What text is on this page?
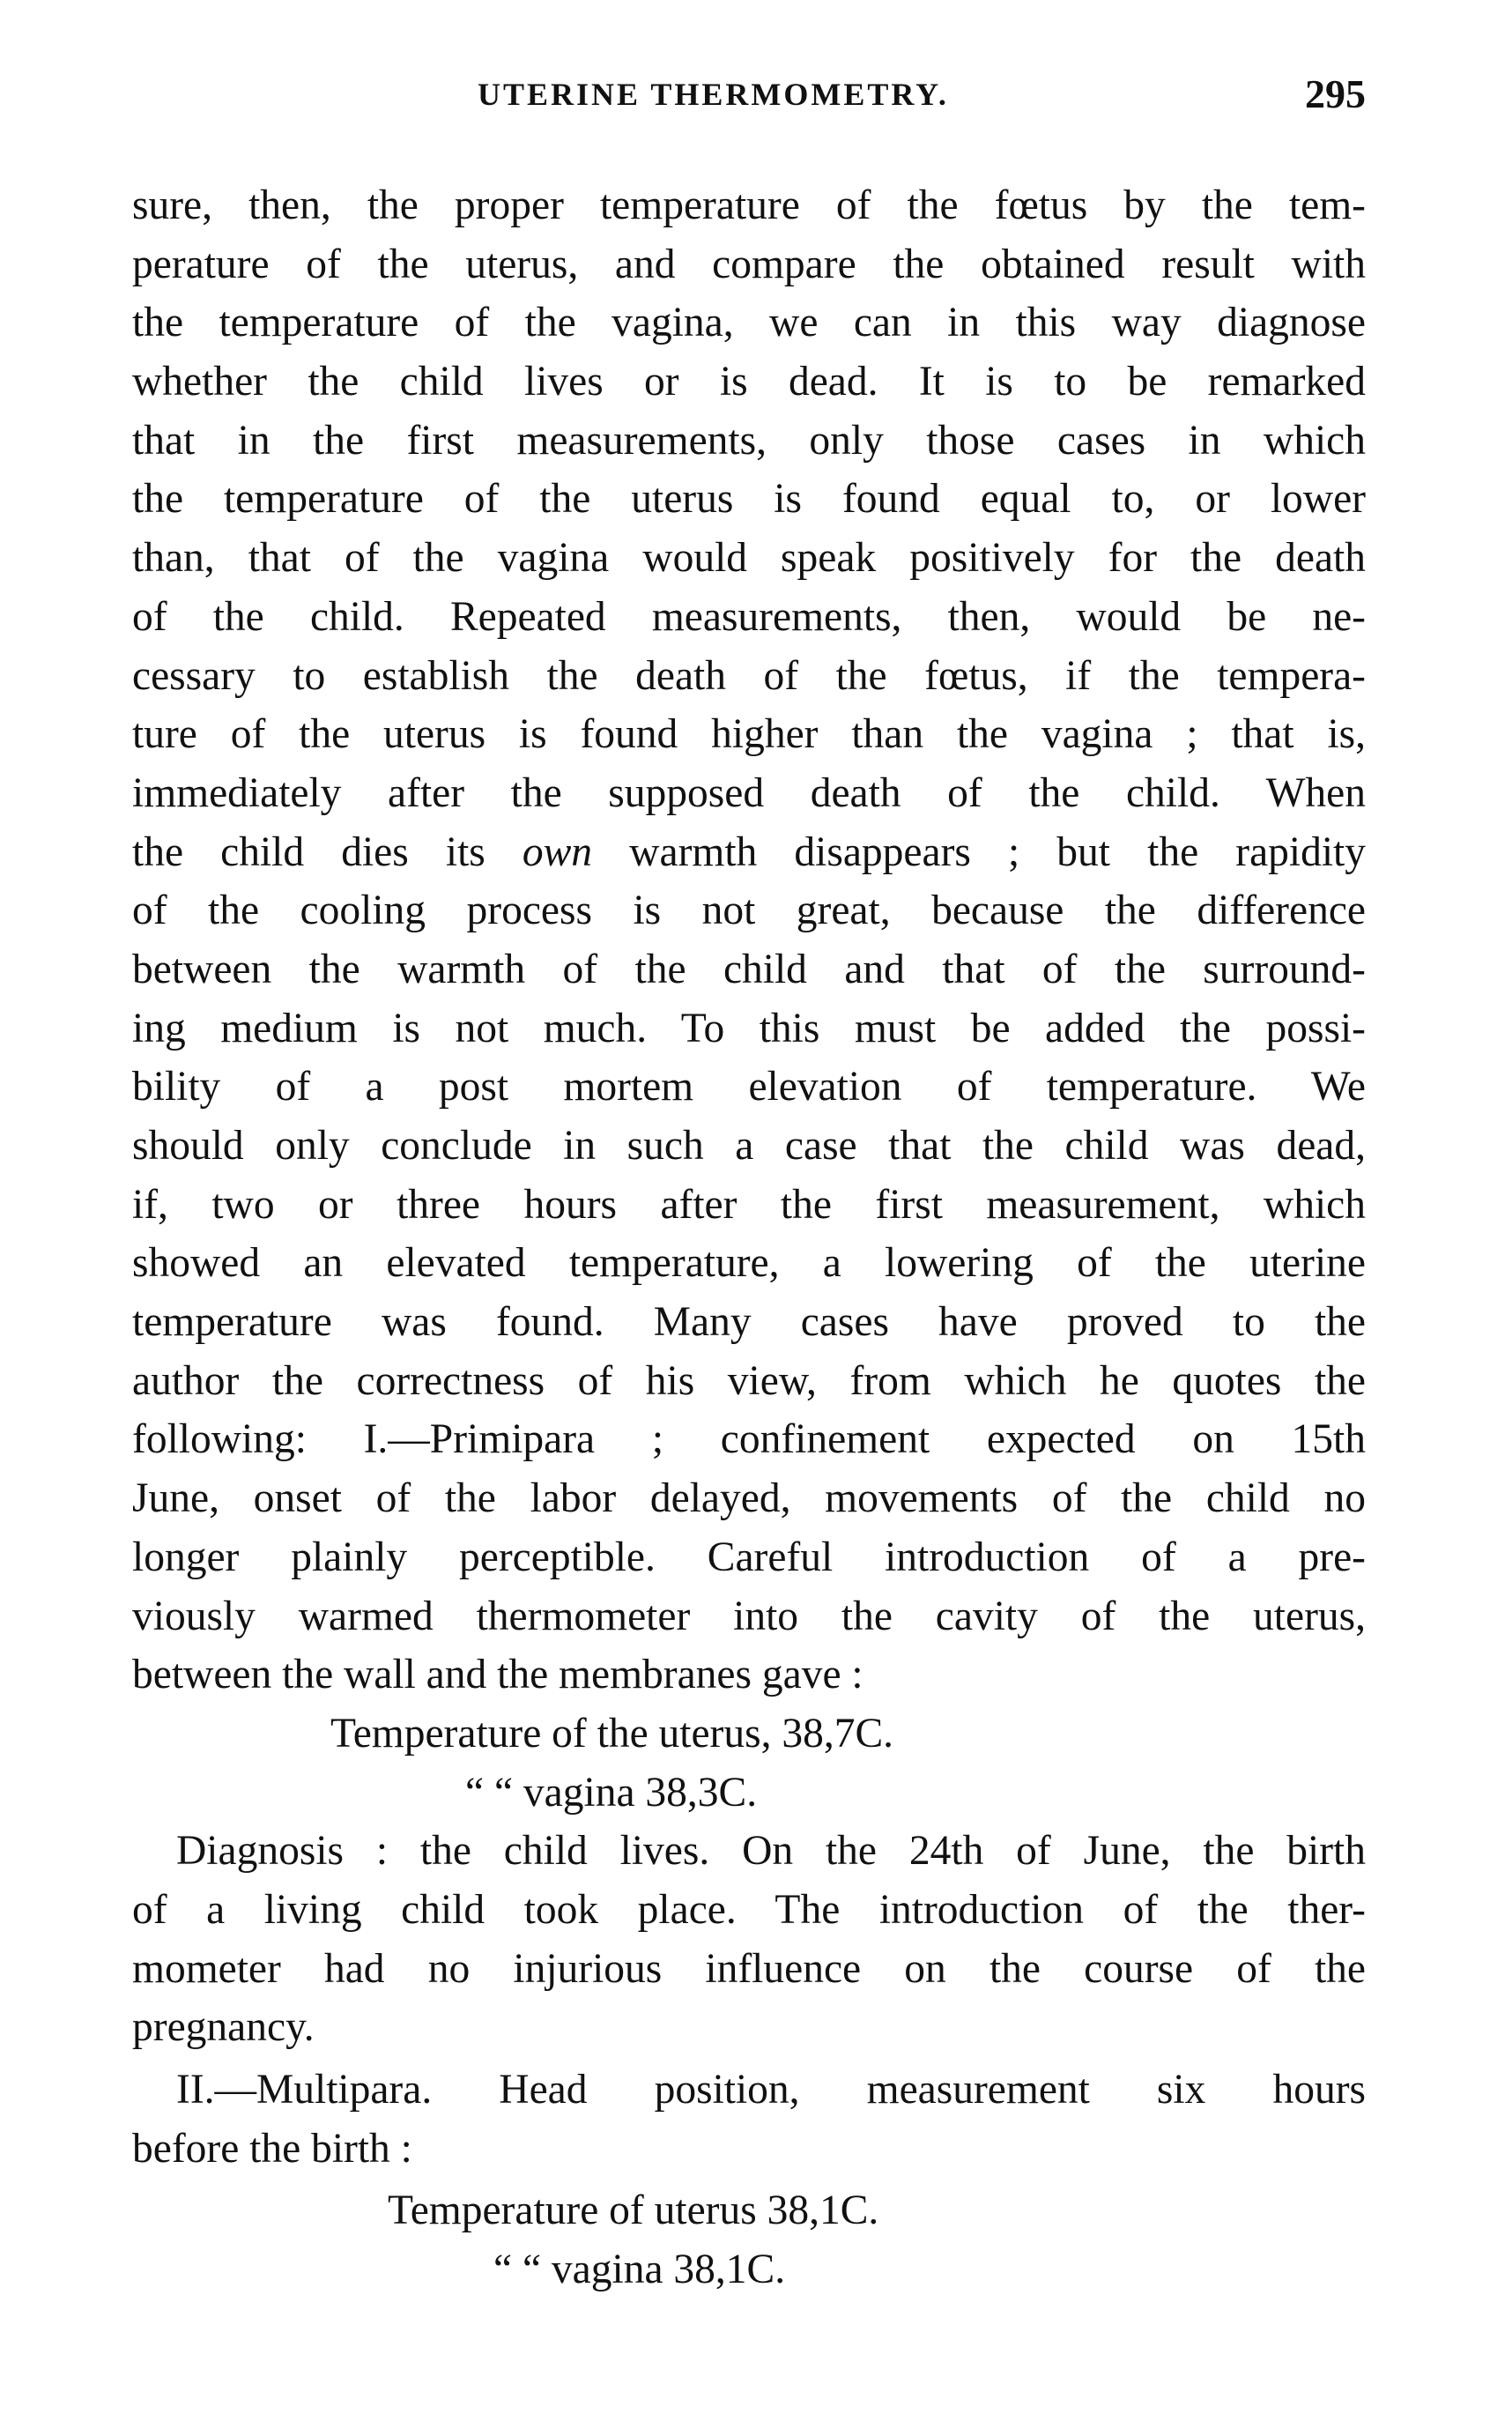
UTERINE THERMOMETRY.	295
sure, then, the proper temperature of the fœtus by the tem-
perature of the uterus, and compare the obtained result with
the temperature of the vagina, we can in this way diagnose
whether the child lives or is dead. It is to be remarked
that in the first measurements, only those cases in which
the temperature of the uterus is found equal to, or lower
than, that of the vagina would speak positively for the death
of the child. Repeated measurements, then, would be ne-
cessary to establish the death of the fœtus, if the tempera-
ture of the uterus is found higher than the vagina ; that is,
immediately after the supposed death of the child. When
the child dies its own warmth disappears ; but the rapidity
of the cooling process is not great, because the difference
between the warmth of the child and that of the surround-
ing medium is not much. To this must be added the possi-
bility of a post mortem elevation of temperature. We
should only conclude in such a case that the child was dead,
if, two or three hours after the first measurement, which
showed an elevated temperature, a lowering of the uterine
temperature was found. Many cases have proved to the
author the correctness of his view, from which he quotes the
following: I.—Primipara ; confinement expected on 15th
June, onset of the labor delayed, movements of the child no
longer plainly perceptible. Careful introduction of a pre-
viously warmed thermometer into the cavity of the uterus,
between the wall and the membranes gave :
Temperature of the uterus, 38,7C.
“ “ vagina 38,3C.
Diagnosis : the child lives. On the 24th of June, the birth
of a living child took place. The introduction of the ther-
mometer had no injurious influence on the course of the
pregnancy.
II.—Multipara. Head position, measurement six hours
before the birth :
Temperature of uterus 38,1C.
“ “ vagina 38,1C.
